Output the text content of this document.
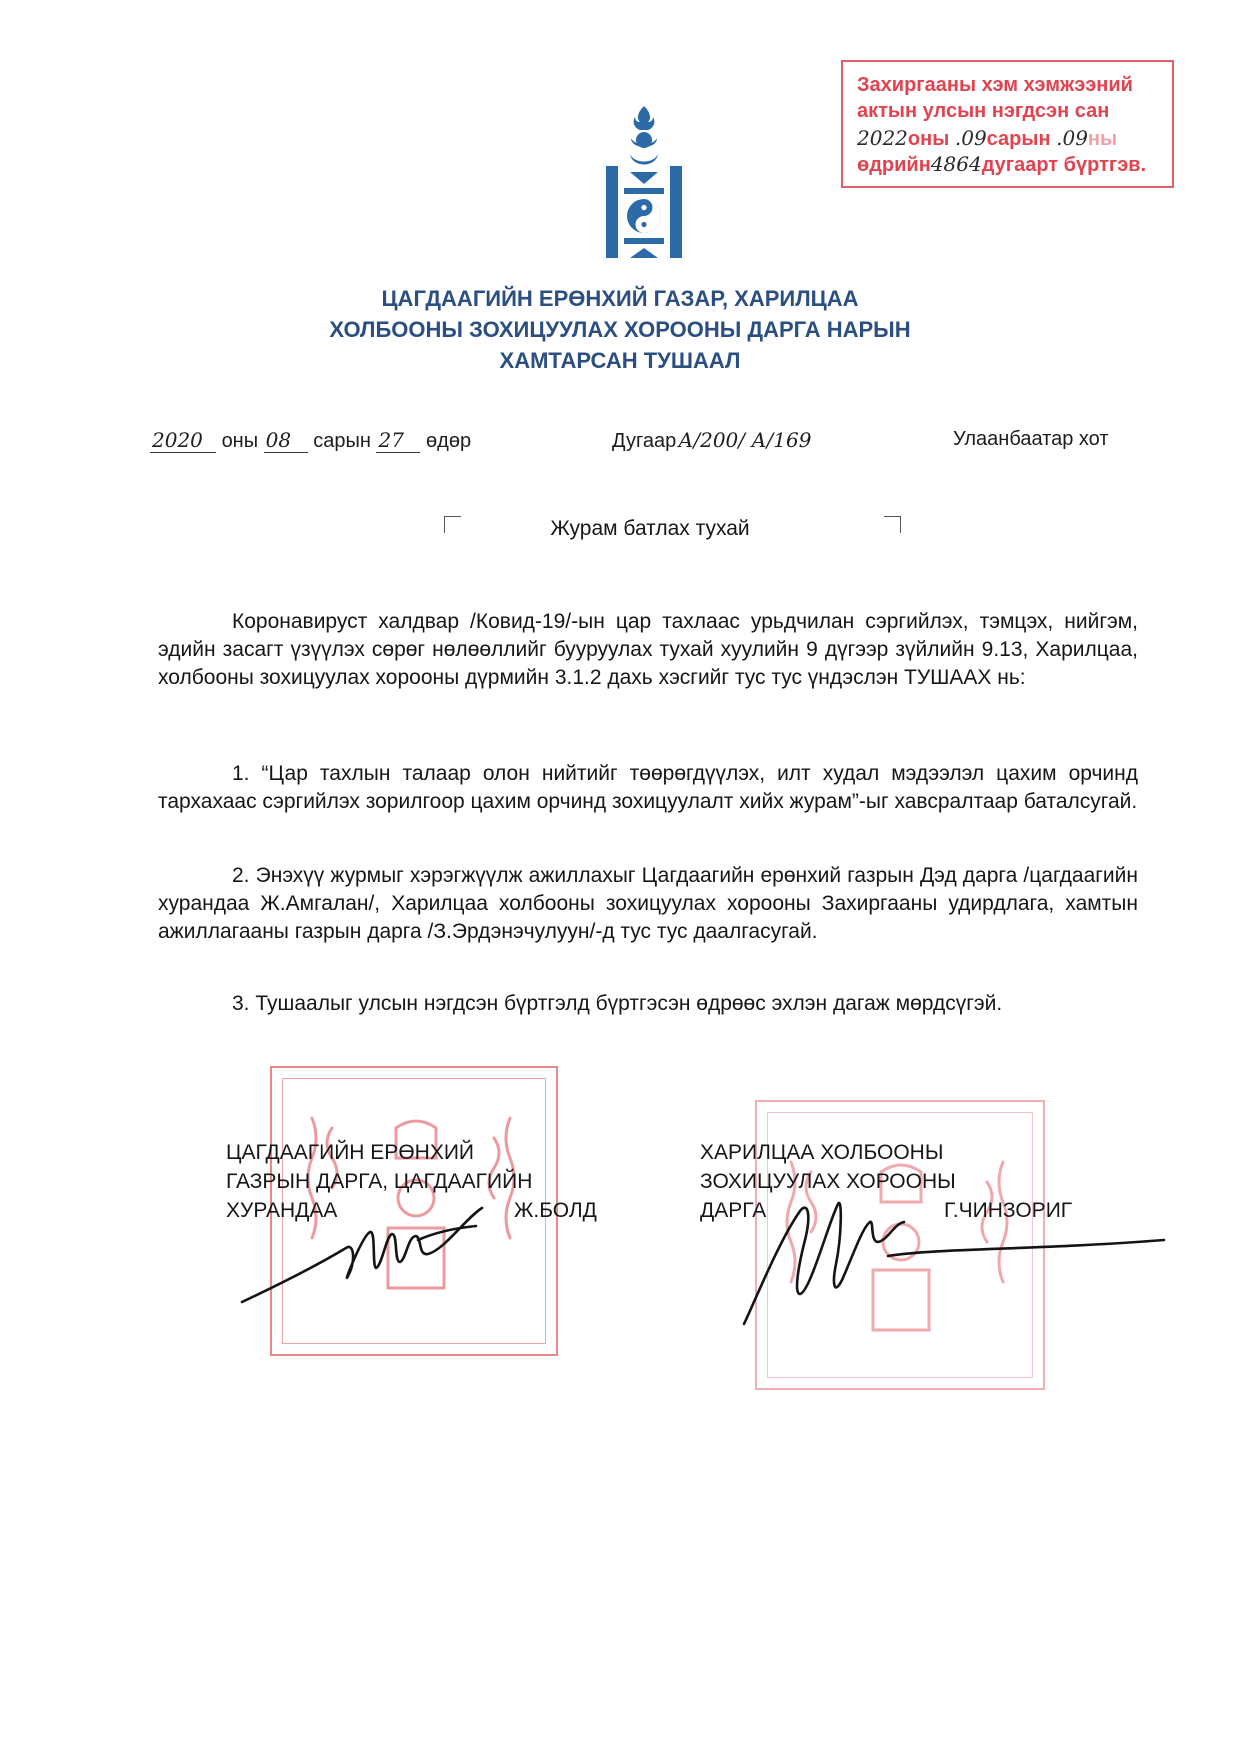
Захиргааны хэм хэмжээний
актын улсын нэгдсэн сан
2022оны .09сарын .09ны
өдрийн4864дугаарт бүртгэв.
ЦАГДААГИЙН ЕРӨНХИЙ ГАЗАР, ХАРИЛЦАА
ХОЛБООНЫ ЗОХИЦУУЛАХ ХОРООНЫ ДАРГА НАРЫН
ХАМТАРСАН ТУШААЛ
2020 оны 08 сарын 27 өдөр	Дугаар А/200/ А/169	Улаанбаатар хот
Журам батлах тухай
Коронавируст халдвар /Ковид-19/-ын цар тахлаас урьдчилан сэргийлэх, тэмцэх, нийгэм, эдийн засагт үзүүлэх сөрөг нөлөөллийг бууруулах тухай хуулийн 9 дүгээр зүйлийн 9.13, Харилцаа, холбооны зохицуулах хорооны дүрмийн 3.1.2 дахь хэсгийг тус тус үндэслэн ТУШААХ нь:
1. “Цар тахлын талаар олон нийтийг төөрөгдүүлэх, илт худал мэдээлэл цахим орчинд тархахаас сэргийлэх зорилгоор цахим орчинд зохицуулалт хийх журам”-ыг хавсралтаар баталсугай.
2. Энэхүү журмыг хэрэгжүүлж ажиллахыг Цагдаагийн ерөнхий газрын Дэд дарга /цагдаагийн хурандаа Ж.Амгалан/, Харилцаа холбооны зохицуулах хорооны Захиргааны удирдлага, хамтын ажиллагааны газрын дарга /З.Эрдэнэчулуун/-д тус тус даалгасугай.
3. Тушаалыг улсын нэгдсэн бүртгэлд бүртгэсэн өдрөөс эхлэн дагаж мөрдсүгэй.
ЦАГДААГИЙН ЕРӨНХИЙ
ГАЗРЫН ДАРГА, ЦАГДААГИЙН
ХУРАНДАА	Ж.БОЛД
ХАРИЛЦАА ХОЛБООНЫ
ЗОХИЦУУЛАХ ХОРООНЫ
ДАРГА	Г.ЧИНЗОРИГ
